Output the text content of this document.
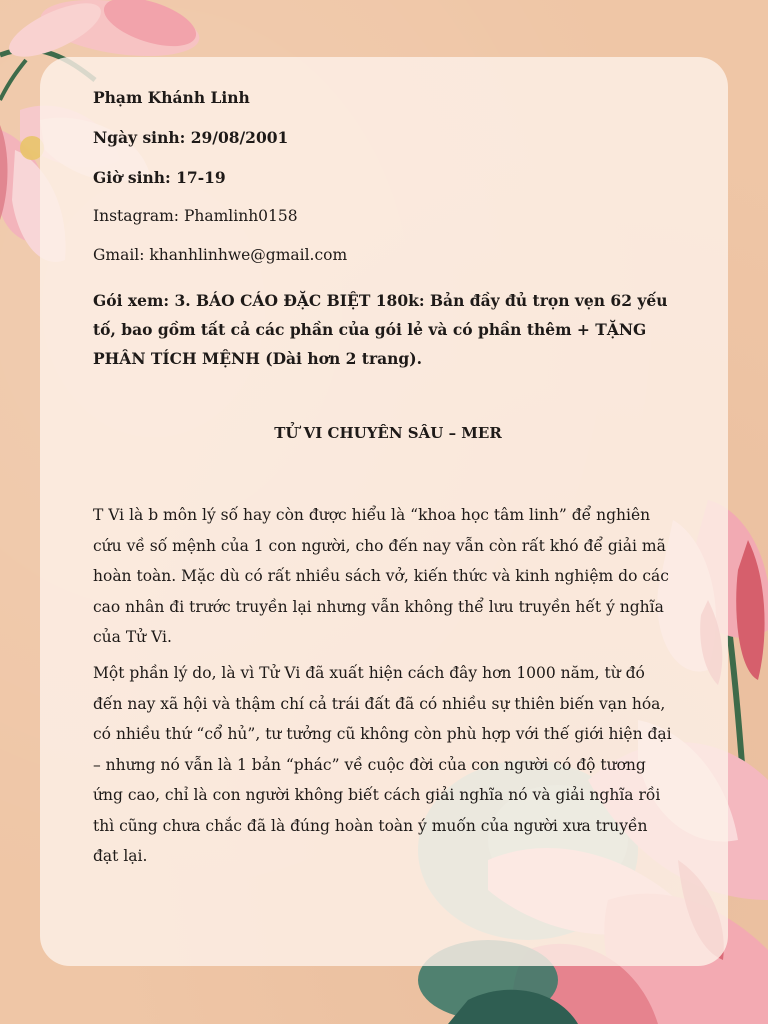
Phạm Khánh Linh
Ngày sinh: 29/08/2001
Giờ sinh: 17-19
Instagram: Phamlinh0158
Gmail: khanhlinhwe@gmail.com
Gói xem: 3. BÁO CÁO ĐẶC BIỆT 180k: Bản đầy đủ trọn vẹn 62 yếu tố, bao gồm tất cả các phần của gói lẻ và có phần thêm + TẶNG PHÂN TÍCH MỆNH (Dài hơn 2 trang).
TỬ VI CHUYÊN SÂU – MER

T Vi là b môn lý số hay còn được hiểu là “khoa học tâm linh” để nghiên cứu về số mệnh của 1 con người, cho đến nay vẫn còn rất khó để giải mã hoàn toàn. Mặc dù có rất nhiều sách vở, kiến thức và kinh nghiệm do các cao nhân đi trước truyền lại nhưng vẫn không thể lưu truyền hết ý nghĩa của Tử Vi.

Một phần lý do, là vì Tử Vi đã xuất hiện cách đây hơn 1000 năm, từ đó đến nay xã hội và thậm chí cả trái đất đã có nhiều sự thiên biến vạn hóa, có nhiều thứ “cổ hủ”, tư tưởng cũ không còn phù hợp với thế giới hiện đại – nhưng nó vẫn là 1 bản “phác” về cuộc đời của con người có độ tương ứng cao, chỉ là con người không biết cách giải nghĩa nó và giải nghĩa rồi thì cũng chưa chắc đã là đúng hoàn toàn ý muốn của người xưa truyền đạt lại.
